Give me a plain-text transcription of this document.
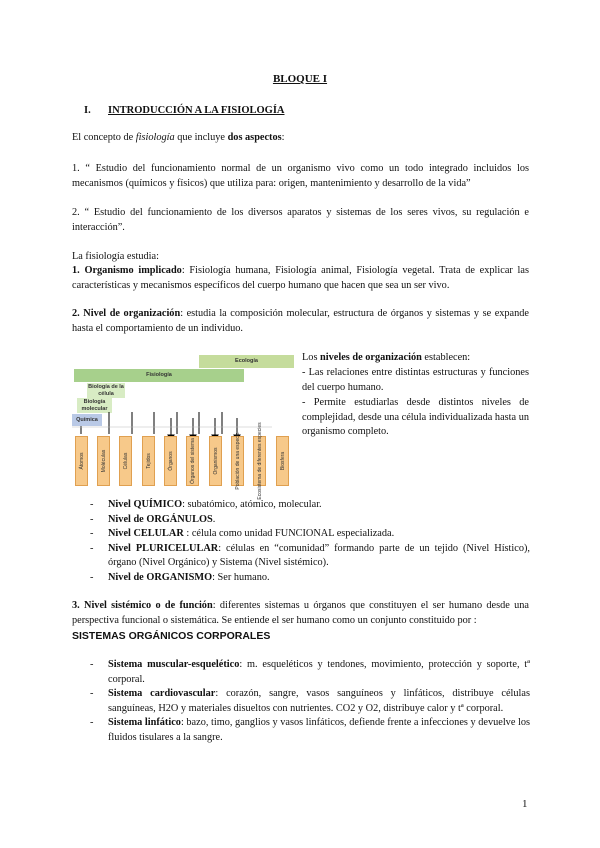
BLOQUE I
I. INTRODUCCIÓN A LA FISIOLOGÍA

El concepto de fisiología que incluye dos aspectos:

1. “ Estudio del funcionamiento normal de un organismo vivo como un todo integrado incluidos los mecanismos (químicos y físicos) que utiliza para: origen, mantenimiento y desarrollo de la vida”

2. “ Estudio del funcionamiento de los diversos aparatos y sistemas de los seres vivos, su regulación e interacción”.

La fisiología estudia:

1. Organismo implicado: Fisiología humana, Fisiología animal, Fisiología vegetal. Trata de explicar las características y mecanismos específicos del cuerpo humano que hacen que sea un ser vivo.

2. Nivel de organización: estudia la composición molecular, estructura de órganos y sistemas y se expande hasta el comportamiento de un individuo.

Ecología
Fisiología
Biología de la célula
Biología molecular
Química
Átomos	Moléculas	Células	Tejidos	Órganos	Órganos del sistema	Organismos	Población de una especie	Ecosistema de diferentes especies	Biosfera

Los niveles de organización establecen:

- Las relaciones entre distintas estructuras y funciones del cuerpo humano.

- Permite estudiarlas desde distintos niveles de complejidad, desde una célula individualizada hasta un organismo completo.

- Nivel QUÍMICO: subatómico, atómico, molecular.
- Nivel de ORGÁNULOS.
- Nivel CELULAR : célula como unidad FUNCIONAL especializada.
- Nivel PLURICELULAR: células en “comunidad” formando parte de un tejido (Nivel Hístico), órgano (Nivel Orgánico) y Sistema (Nivel sistémico).
- Nivel de ORGANISMO: Ser humano.

3. Nivel sistémico o de función: diferentes sistemas u órganos que constituyen el ser humano desde una perspectiva funcional o sistemática. Se entiende el ser humano como un conjunto constituido por :

SISTEMAS ORGÁNICOS CORPORALES
- Sistema muscular-esquelético: m. esqueléticos y tendones, movimiento, protección y soporte, tª corporal.
- Sistema cardiovascular: corazón, sangre, vasos sanguíneos y linfáticos, distribuye células sanguíneas, H2O y materiales disueltos con nutrientes. CO2 y O2, distribuye calor y tª corporal.
- Sistema linfático: bazo, timo, ganglios y vasos linfáticos, defiende frente a infecciones y devuelve los fluidos tisulares a la sangre.
1
